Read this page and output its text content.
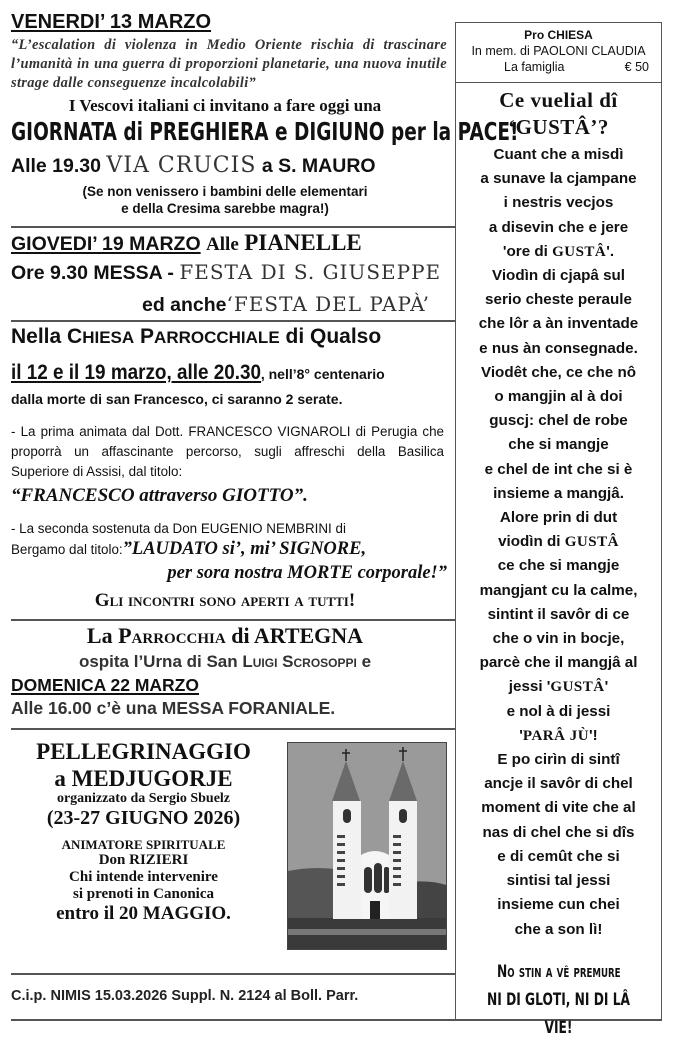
VENERDI’ 13 MARZO
“L’escalation di violenza in Medio Oriente rischia di trascinare l’umanità in una guerra di proporzioni planetarie, una nuova inutile strage dalle conseguenze incalcolabili”
I Vescovi italiani ci invitano a fare oggi una
GIORNATA di PREGHIERA e DIGIUNO per la PACE!
Alle 19.30 VIA CRUCIS a S. MAURO
(Se non venissero i bambini delle elementari
e della Cresima sarebbe magra!)
GIOVEDI’ 19 MARZO Alle PIANELLE
Ore 9.30 MESSA - FESTA DI S. GIUSEPPE
ed anche‘FESTA DEL PAPÀ’
Nella CHIESA PARROCCHIALE di Qualso
il 12 e il 19 marzo, alle 20.30, nell’8° centenario
dalla morte di san Francesco, ci saranno 2 serate.
- La prima animata dal Dott. FRANCESCO VIGNAROLI di Perugia che proporrà un affascinante percorso, sugli affreschi della Basilica Superiore di Assisi, dal titolo:
“FRANCESCO attraverso GIOTTO”.
- La seconda sostenuta da Don EUGENIO NEMBRINI di
Bergamo dal titolo:”LAUDATO si’, mi’ SIGNORE,
per sora nostra MORTE corporale!”
Gli incontri sono aperti a tutti!
La Parrocchia di ARTEGNA
ospita l’Urna di San Luigi Scrosoppi e
DOMENICA 22 MARZO
Alle 16.00 c’è una MESSA FORANIALE.
PELLEGRINAGGIO
a MEDJUGORJE
organizzato da Sergio Sbuelz
(23-27 GIUGNO 2026)
ANIMATORE SPIRITUALE
Don RIZIERI
Chi intende intervenire
si prenoti in Canonica
entro il 20 MAGGIO.
C.i.p. NIMIS 15.03.2026 Suppl. N. 2124 al Boll. Parr.
Pro CHIESA
In mem. di PAOLONI CLAUDIA
La famiglia	€ 50
Ce vuelial dî
‘GUSTÂ’?
Cuant che a misdì
a sunave la cjampane
i nestris vecjos
a disevin che e jere
'ore di GUSTÂ'.
Viodìn di cjapâ sul
serio cheste peraule
che lôr a àn inventade
e nus àn consegnade.
Viodêt che, ce che nô
o mangjin al à doi
guscj: chel de robe
che si mangje
e chel de int che si è
insieme a mangjâ.
Alore prin di dut
viodìn di GUSTÂ
ce che si mangje
mangjant cu la calme,
sintint il savôr di ce
che o vin in bocje,
parcè che il mangjâ al
jessi 'GUSTÂ'
e nol à di jessi
'PARÂ JÙ'!
E po cirìn di sintî
ancje il savôr di chel
moment di vite che al
nas di chel che si dîs
e di cemût che si
sintisi tal jessi
insieme cun chei
che a son lì!
No stin a vê premure
NI DI GLOTI, NI DI LÂ VIE!
